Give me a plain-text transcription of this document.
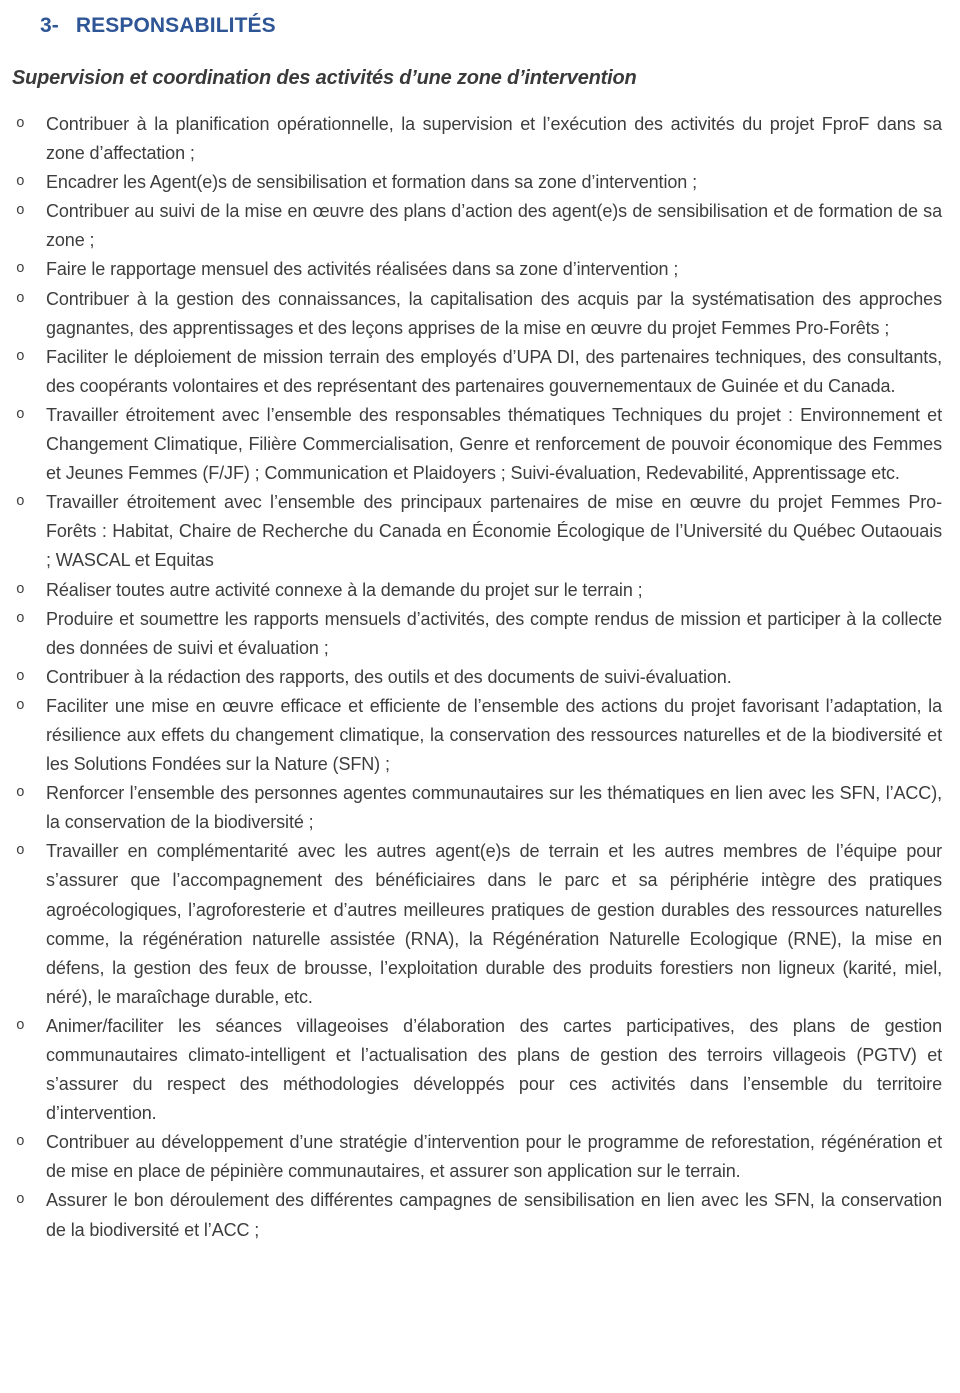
3- RESPONSABILITÉS
Supervision et coordination des activités d’une zone d’intervention
o Contribuer à la planification opérationnelle, la supervision et l’exécution des activités du projet FproF dans sa zone d’affectation ;
o Encadrer les Agent(e)s de sensibilisation et formation dans sa zone d’intervention ;
o Contribuer au suivi de la mise en œuvre des plans d’action des agent(e)s de sensibilisation et de formation de sa zone ;
o Faire le rapportage mensuel des activités réalisées dans sa zone d’intervention ;
o Contribuer à la gestion des connaissances, la capitalisation des acquis par la systématisation des approches gagnantes, des apprentissages et des leçons apprises de la mise en œuvre du projet Femmes Pro-Forêts ;
o Faciliter le déploiement de mission terrain des employés d’UPA DI, des partenaires techniques, des consultants, des coopérants volontaires et des représentant des partenaires gouvernementaux de Guinée et du Canada.
o Travailler étroitement avec l’ensemble des responsables thématiques Techniques du projet : Environnement et Changement Climatique, Filière Commercialisation, Genre et renforcement de pouvoir économique des Femmes et Jeunes Femmes (F/JF) ; Communication et Plaidoyers ; Suivi-évaluation, Redevabilité, Apprentissage etc.
o Travailler étroitement avec l’ensemble des principaux partenaires de mise en œuvre du projet Femmes Pro-Forêts : Habitat, Chaire de Recherche du Canada en Économie Écologique de l’Université du Québec Outaouais ; WASCAL et Equitas
o Réaliser toutes autre activité connexe à la demande du projet sur le terrain ;
o Produire et soumettre les rapports mensuels d’activités, des compte rendus de mission et participer à la collecte des données de suivi et évaluation ;
o Contribuer à la rédaction des rapports, des outils et des documents de suivi-évaluation.
o Faciliter une mise en œuvre efficace et efficiente de l’ensemble des actions du projet favorisant l’adaptation, la résilience aux effets du changement climatique, la conservation des ressources naturelles et de la biodiversité et les Solutions Fondées sur la Nature (SFN) ;
o Renforcer l’ensemble des personnes agentes communautaires sur les thématiques en lien avec les SFN, l’ACC), la conservation de la biodiversité ;
o Travailler en complémentarité avec les autres agent(e)s de terrain et les autres membres de l’équipe pour s’assurer que l’accompagnement des bénéficiaires dans le parc et sa périphérie intègre des pratiques agroécologiques, l’agroforesterie et d’autres meilleures pratiques de gestion durables des ressources naturelles comme, la régénération naturelle assistée (RNA), la Régénération Naturelle Ecologique (RNE), la mise en défens, la gestion des feux de brousse, l’exploitation durable des produits forestiers non ligneux (karité, miel, néré), le maraîchage durable, etc.
o Animer/faciliter les séances villageoises d’élaboration des cartes participatives, des plans de gestion communautaires climato-intelligent et l’actualisation des plans de gestion des terroirs villageois (PGTV) et s’assurer du respect des méthodologies développés pour ces activités dans l’ensemble du territoire d’intervention.
o Contribuer au développement d’une stratégie d’intervention pour le programme de reforestation, régénération et de mise en place de pépinière communautaires, et assurer son application sur le terrain.
o Assurer le bon déroulement des différentes campagnes de sensibilisation en lien avec les SFN, la conservation de la biodiversité et l’ACC ;
